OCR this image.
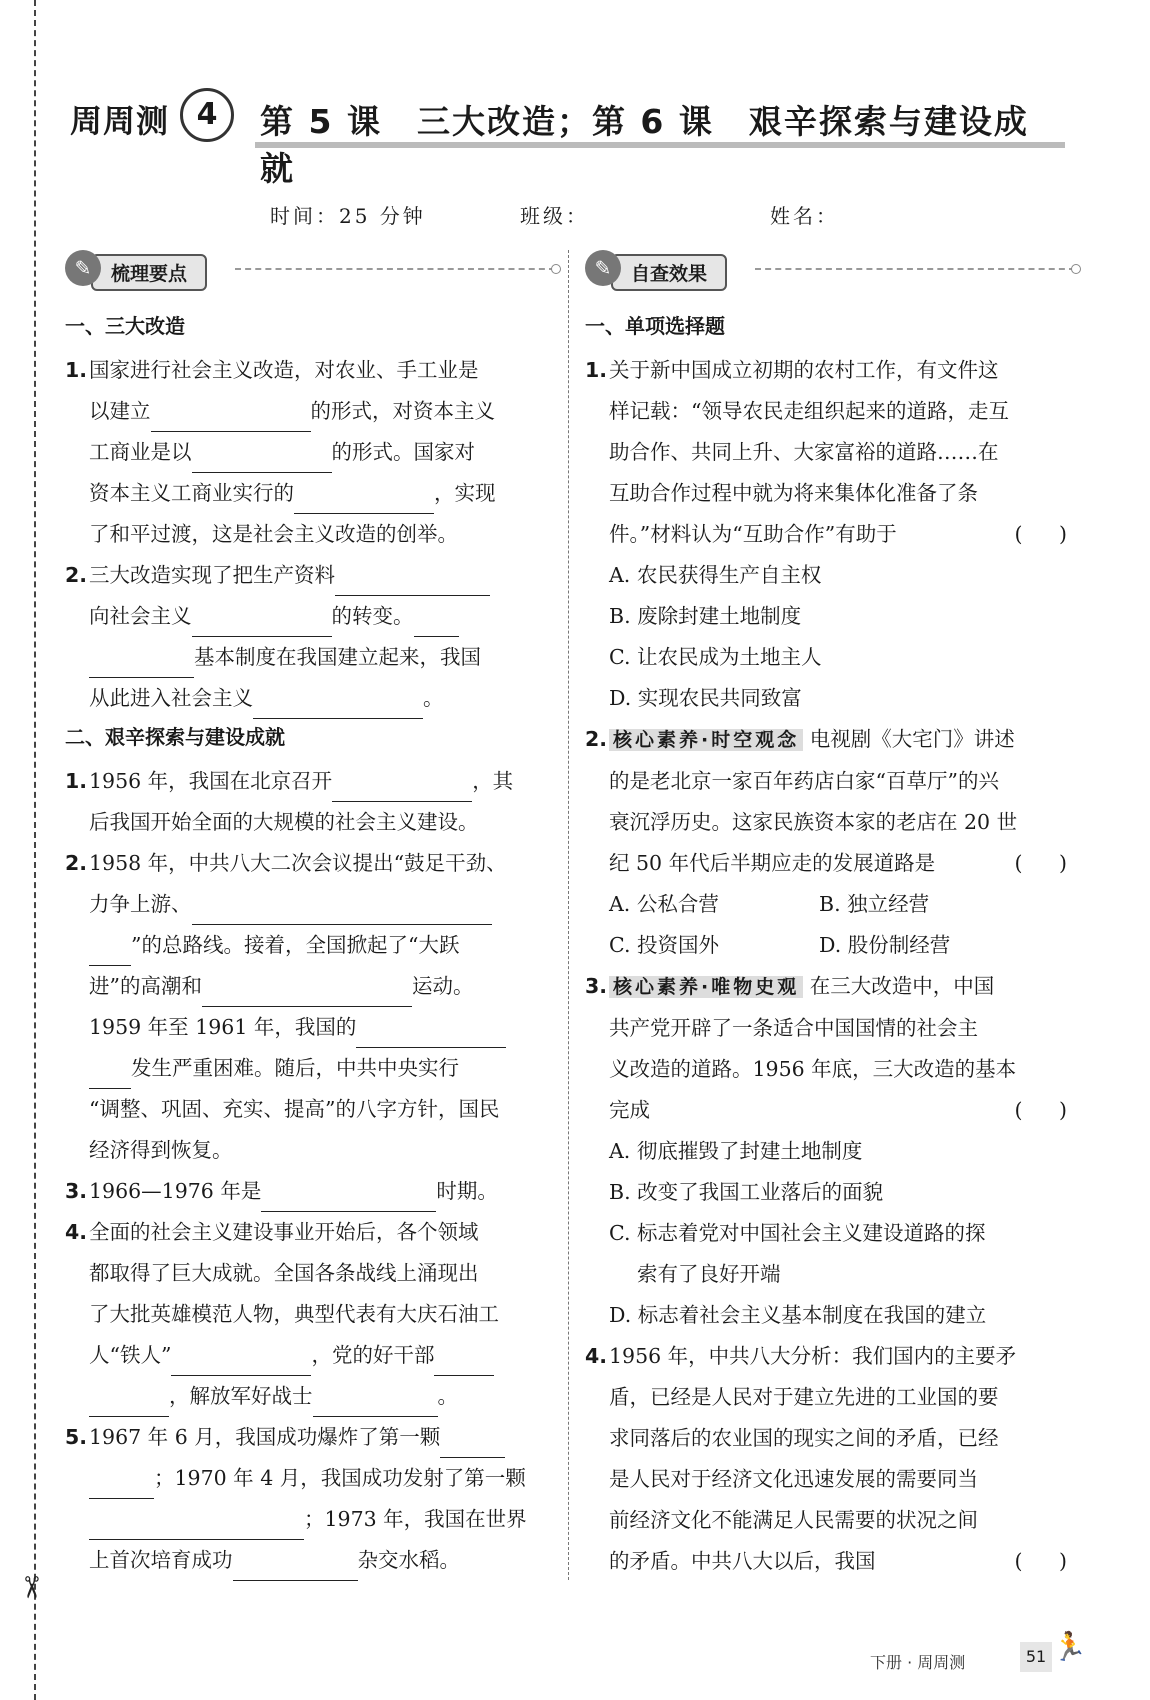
✂
周周测 4	第 5 课　三大改造；第 6 课　艰辛探索与建设成就
时间：25 分钟	班级：	姓名：
梳理要点
✎
一、三大改造
1. 国家进行社会主义改造，对农业、手工业是
以建立	的形式，对资本主义
工商业是以	的形式。国家对
资本主义工商业实行的	，实现
了和平过渡，这是社会主义改造的创举。
2. 三大改造实现了把生产资料
向社会主义	的转变。
基本制度在我国建立起来，我国
从此进入社会主义	。
二、艰辛探索与建设成就
1. 1956 年，我国在北京召开	，其
后我国开始全面的大规模的社会主义建设。
2. 1958 年，中共八大二次会议提出“鼓足干劲、
力争上游、
”的总路线。接着，全国掀起了“大跃
进”的高潮和	运动。
1959 年至 1961 年，我国的
发生严重困难。随后，中共中央实行
“调整、巩固、充实、提高”的八字方针，国民
经济得到恢复。
3. 1966—1976 年是	时期。
4. 全面的社会主义建设事业开始后，各个领域
都取得了巨大成就。全国各条战线上涌现出
了大批英雄模范人物，典型代表有大庆石油工
人“铁人”	，党的好干部
，解放军好战士	。
5. 1967 年 6 月，我国成功爆炸了第一颗
；1970 年 4 月，我国成功发射了第一颗
；1973 年，我国在世界
上首次培育成功	杂交水稻。
自查效果
✎
一、单项选择题
1. 关于新中国成立初期的农村工作，有文件这
样记载：“领导农民走组织起来的道路，走互
助合作、共同上升、大家富裕的道路……在
互助合作过程中就为将来集体化准备了条
件。”材料认为“互助合作”有助于	(　)
A. 农民获得生产自主权
B. 废除封建土地制度
C. 让农民成为土地主人
D. 实现农民共同致富
2. 核心素养·时空观念 电视剧《大宅门》讲述
的是老北京一家百年药店白家“百草厅”的兴
衰沉浮历史。这家民族资本家的老店在 20 世
纪 50 年代后半期应走的发展道路是	(　)
A. 公私合营	B. 独立经营
C. 投资国外	D. 股份制经营
3. 核心素养·唯物史观 在三大改造中，中国
共产党开辟了一条适合中国国情的社会主
义改造的道路。1956 年底，三大改造的基本
完成	(　)
A. 彻底摧毁了封建土地制度
B. 改变了我国工业落后的面貌
C. 标志着党对中国社会主义建设道路的探
索有了良好开端
D. 标志着社会主义基本制度在我国的建立
4. 1956 年，中共八大分析：我们国内的主要矛
盾，已经是人民对于建立先进的工业国的要
求同落后的农业国的现实之间的矛盾，已经
是人民对于经济文化迅速发展的需要同当
前经济文化不能满足人民需要的状况之间
的矛盾。中共八大以后，我国	(　)
下册 · 周周测	51 🏃
